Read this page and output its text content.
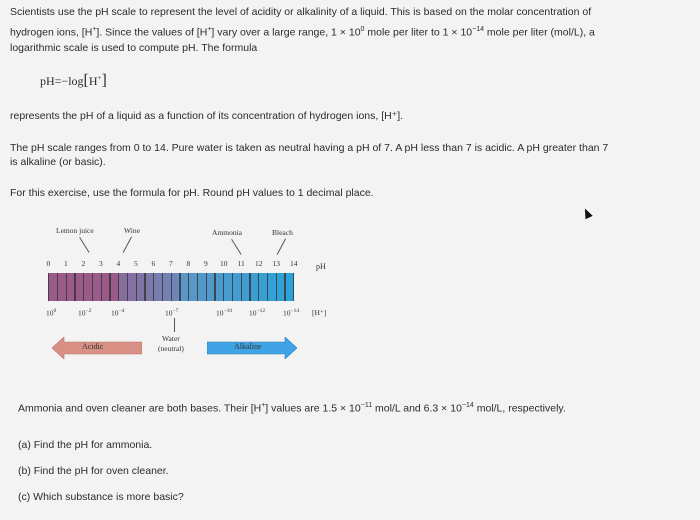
Scientists use the pH scale to represent the level of acidity or alkalinity of a liquid. This is based on the molar concentration of
hydrogen ions, [H+]. Since the values of [H+] vary over a large range, $1 \times 10^0$ mole per liter to $1 \times 10^{-14}$ mole per liter (mol/L), a
logarithmic scale is used to compute pH. The formula
pH=−log[H+]
represents the pH of a liquid as a function of its concentration of hydrogen ions, [H⁺].
The pH scale ranges from 0 to 14. Pure water is taken as neutral having a pH of 7. A pH less than 7 is acidic. A pH greater than 7
is alkaline (or basic).
For this exercise, use the formula for pH. Round pH values to 1 decimal place.
Lemon juice	Wine	Ammonia	Bleach
0 1 2 3 4 5 6 7 8 9 10 11 12 13 14 pH
$10^0$	$10^{-2}$	$10^{-4}$	$10^{-7}$	$10^{-10}$ $10^{-12}$ $10^{-14}$ [H⁺]
Water
(neutral)
Acidic	Alkaline
Ammonia and oven cleaner are both bases. Their [H+] values are $1.5 \times 10^{-11}$ mol/L and $6.3 \times 10^{-14}$ mol/L, respectively.
(a) Find the pH for ammonia.
(b) Find the pH for oven cleaner.
(c) Which substance is more basic?
